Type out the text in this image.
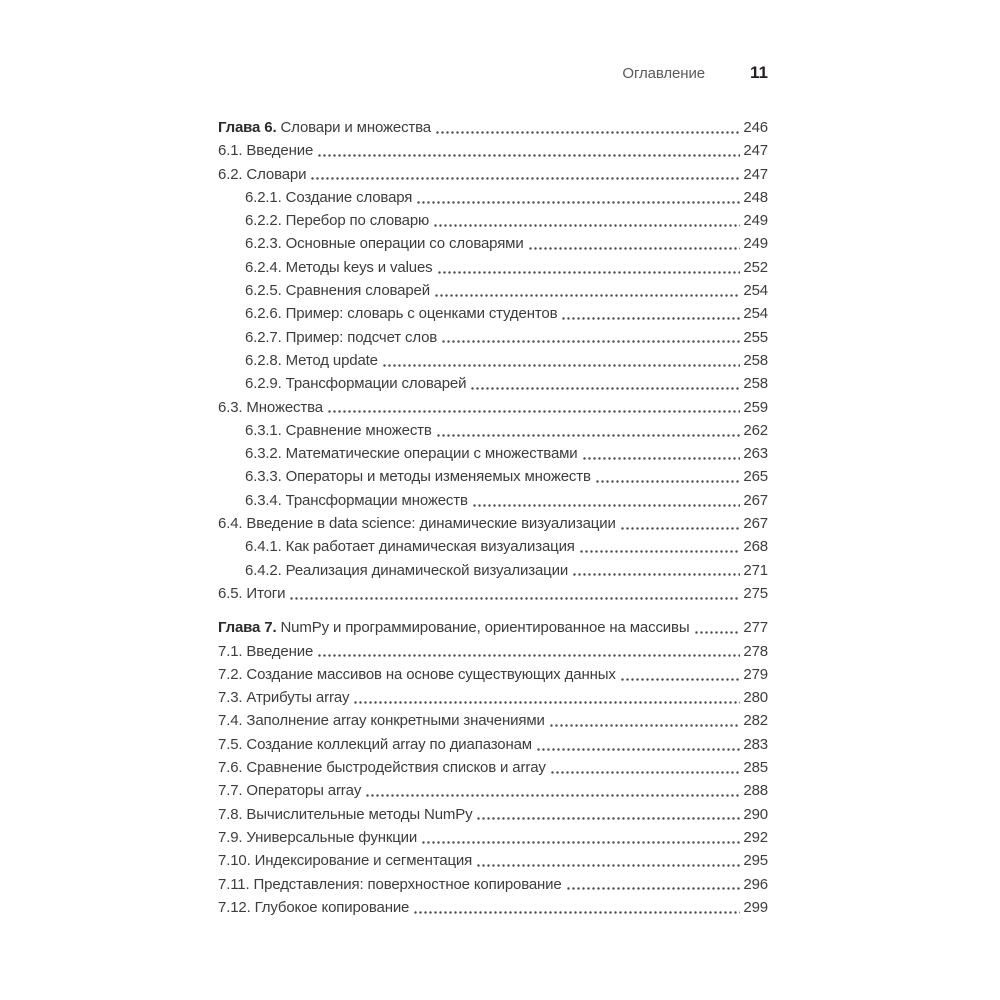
Оглавление	11
Глава 6. Словари и множества	246
6.1. Введение	247
6.2. Словари	247
6.2.1. Создание словаря	248
6.2.2. Перебор по словарю	249
6.2.3. Основные операции со словарями	249
6.2.4. Методы keys и values	252
6.2.5. Сравнения словарей	254
6.2.6. Пример: словарь с оценками студентов	254
6.2.7. Пример: подсчет слов	255
6.2.8. Метод update	258
6.2.9. Трансформации словарей	258
6.3. Множества	259
6.3.1. Сравнение множеств	262
6.3.2. Математические операции с множествами	263
6.3.3. Операторы и методы изменяемых множеств	265
6.3.4. Трансформации множеств	267
6.4. Введение в data science: динамические визуализации	267
6.4.1. Как работает динамическая визуализация	268
6.4.2. Реализация динамической визуализации	271
6.5. Итоги	275
Глава 7. NumPy и программирование, ориентированное на массивы	277
7.1. Введение	278
7.2. Создание массивов на основе существующих данных	279
7.3. Атрибуты array	280
7.4. Заполнение array конкретными значениями	282
7.5. Создание коллекций array по диапазонам	283
7.6. Сравнение быстродействия списков и array	285
7.7. Операторы array	288
7.8. Вычислительные методы NumPy	290
7.9. Универсальные функции	292
7.10. Индексирование и сегментация	295
7.11. Представления: поверхностное копирование	296
7.12. Глубокое копирование	299
